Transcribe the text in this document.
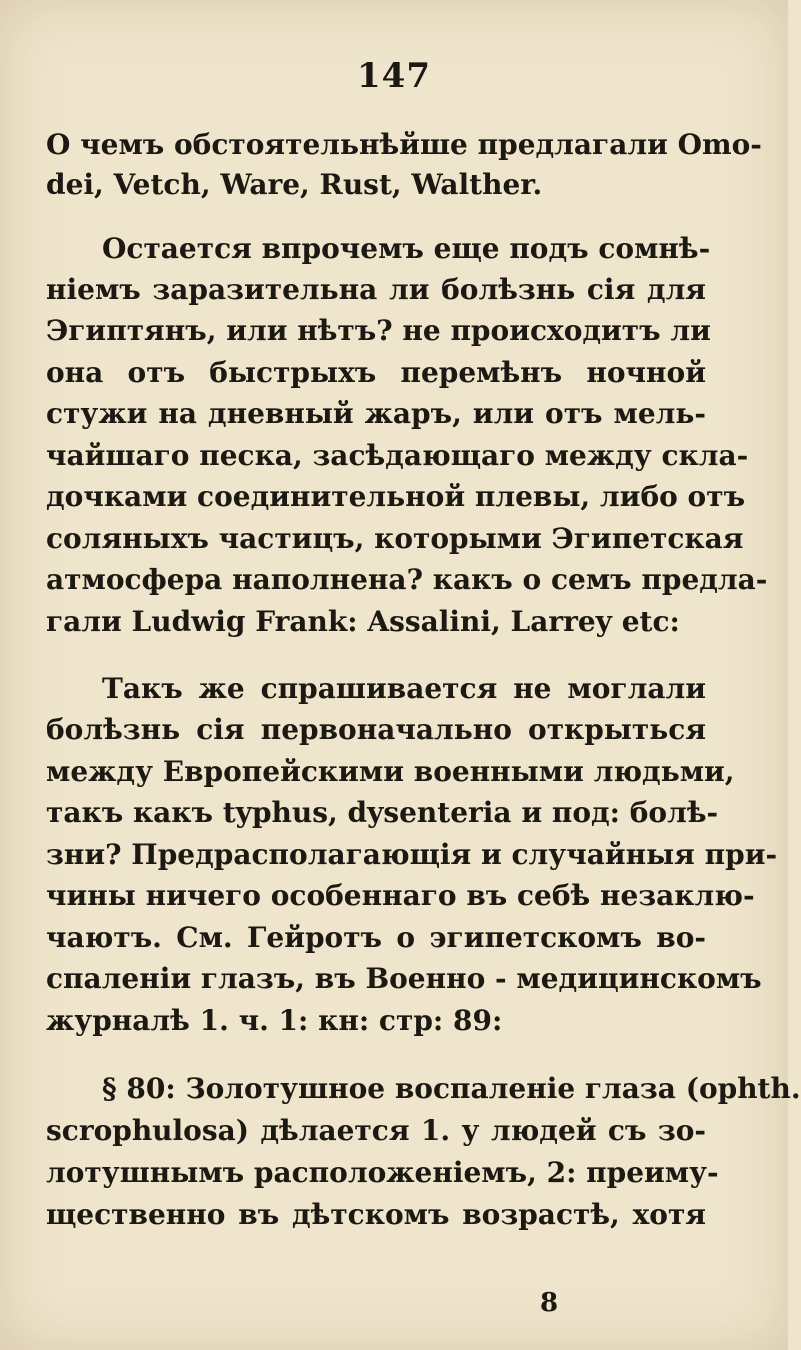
147
О чемъ обстоятельнѣйше предлагали Omo-
dei, Vetch, Ware, Rust, Walther.
Остается впрочемъ еще подъ сомнѣ-
ніемъ заразительна ли болѣзнь сія для
Эгиптянъ, или нѣтъ? не происходитъ ли
она отъ быстрыхъ перемѣнъ ночной
стужи на дневный жаръ, или отъ мель-
чайшаго песка, засѣдающаго между скла-
дочками соединительной плевы, либо отъ
соляныхъ частицъ, которыми Эгипетская
атмосфера наполнена? какъ о семъ предла-
гали Ludwig Frank: Assalini, Larrey etc:
Такъ же спрашивается не моглали
болѣзнь сія первоначально открыться
между Европейскими военными людьми,
такъ какъ typhus, dysenteria и под: болѣ-
зни? Предрасполагающія и случайныя при-
чины ничего особеннаго въ себѣ незаклю-
чаютъ. См. Гейротъ о эгипетскомъ во-
спаленіи глазъ, въ Военно - медицинскомъ
журналѣ 1. ч. 1: кн: стр: 89:
§ 80: Золотушное воспаленіе глаза (ophth.
scrophulosa) дѣлается 1. у людей съ зо-
лотушнымъ расположеніемъ, 2: преиму-
щественно въ дѣтскомъ возрастѣ, хотя
8
